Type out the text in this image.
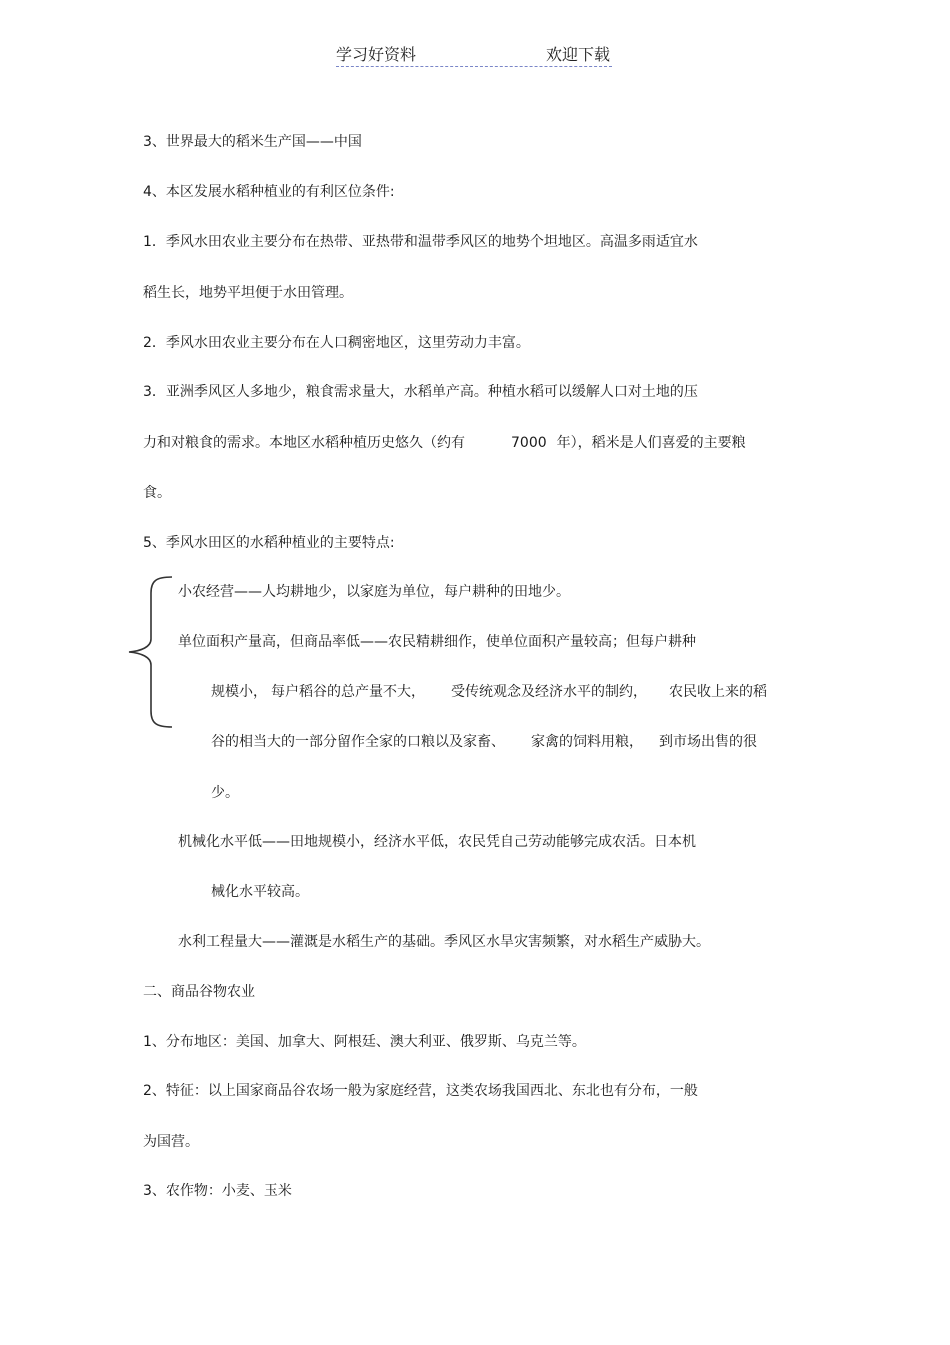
学习好资料	欢迎下载
3、世界最大的稻米生产国——中国
4、本区发展水稻种植业的有利区位条件:
1．季风水田农业主要分布在热带、亚热带和温带季风区的地势个坦地区。高温多雨适宜水
稻生长，地势平坦便于水田管理。
2．季风水田农业主要分布在人口稠密地区，这里劳动力丰富。
3．亚洲季风区人多地少，粮食需求量大，水稻单产高。种植水稻可以缓解人口对土地的压
力和对粮食的需求。本地区水稻种植历史悠久（约有	7000 年），稻米是人们喜爱的主要粮
食。
5、季风水田区的水稻种植业的主要特点:
小农经营——人均耕地少，以家庭为单位，每户耕种的田地少。
单位面积产量高，但商品率低——农民精耕细作，使单位面积产量较高；但每户耕种
规模小， 每户稻谷的总产量不大， 受传统观念及经济水平的制约， 农民收上来的稻
谷的相当大的一部分留作全家的口粮以及家畜、 家禽的饲料用粮， 到市场出售的很
少。
机械化水平低——田地规模小，经济水平低，农民凭自己劳动能够完成农活。日本机
械化水平较高。
水利工程量大——灌溉是水稻生产的基础。季风区水旱灾害频繁，对水稻生产威胁大。
二、商品谷物农业
1、分布地区：美国、加拿大、阿根廷、澳大利亚、俄罗斯、乌克兰等。
2、特征：以上国家商品谷农场一般为家庭经营，这类农场我国西北、东北也有分布，一般
为国营。
3、农作物：小麦、玉米
